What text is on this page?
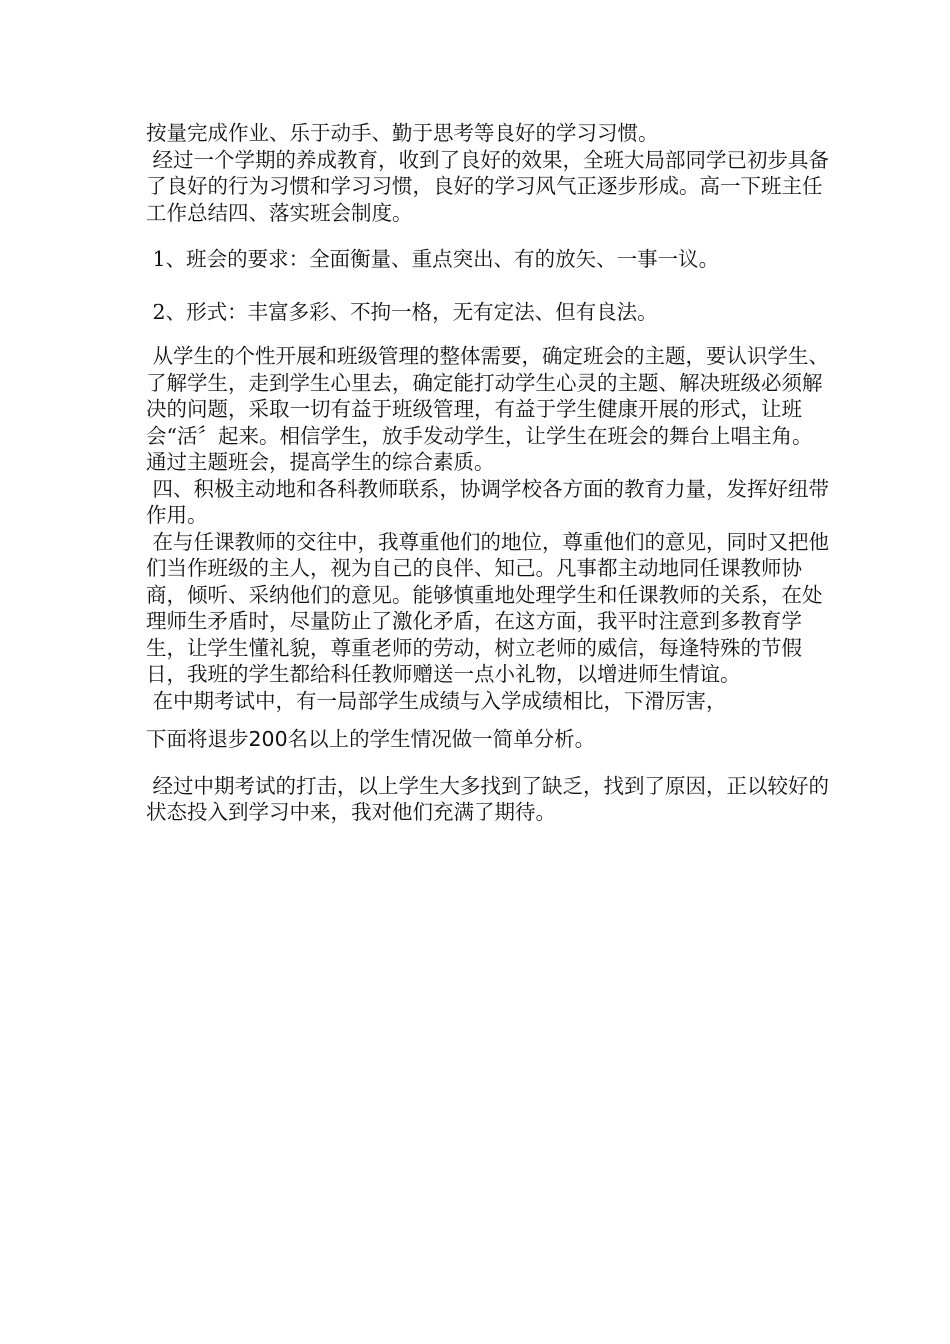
按量完成作业、乐于动手、勤于思考等良好的学习习惯。

经过一个学期的养成教育，收到了良好的效果，全班大局部同学已初步具备了良好的行为习惯和学习习惯，良好的学习风气正逐步形成。高一下班主任工作总结四、落实班会制度。

1、班会的要求：全面衡量、重点突出、有的放矢、一事一议。

2、形式：丰富多彩、不拘一格，无有定法、但有良法。

从学生的个性开展和班级管理的整体需要，确定班会的主题，要认识学生、了解学生，走到学生心里去，确定能打动学生心灵的主题、解决班级必须解决的问题，采取一切有益于班级管理，有益于学生健康开展的形式，让班会“活〞起来。相信学生，放手发动学生，让学生在班会的舞台上唱主角。通过主题班会，提高学生的综合素质。

四、积极主动地和各科教师联系，协调学校各方面的教育力量，发挥好纽带作用。

在与任课教师的交往中，我尊重他们的地位，尊重他们的意见，同时又把他们当作班级的主人，视为自己的良伴、知己。凡事都主动地同任课教师协商，倾听、采纳他们的意见。能够慎重地处理学生和任课教师的关系，在处理师生矛盾时，尽量防止了激化矛盾，在这方面，我平时注意到多教育学生，让学生懂礼貌，尊重老师的劳动，树立老师的威信，每逢特殊的节假日，我班的学生都给科任教师赠送一点小礼物，以增进师生情谊。

在中期考试中，有一局部学生成绩与入学成绩相比，下滑厉害，

下面将退步200名以上的学生情况做一简单分析。

经过中期考试的打击，以上学生大多找到了缺乏，找到了原因，正以较好的状态投入到学习中来，我对他们充满了期待。
